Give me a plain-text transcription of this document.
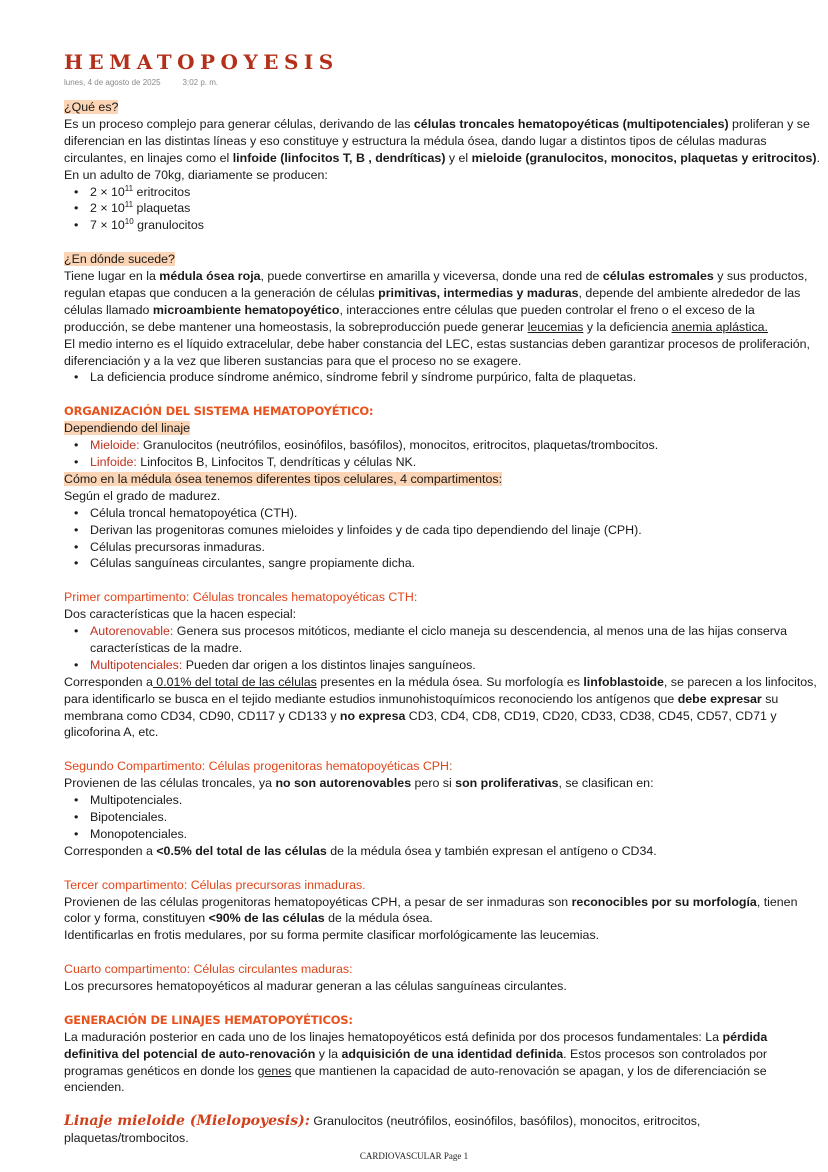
HEMATOPOYESIS
lunes, 4 de agosto de 2025	3:02 p. m.
¿Qué es?
Es un proceso complejo para generar células, derivando de las células troncales hematopoyéticas (multipotenciales) proliferan y se diferencian en las distintas líneas y eso constituye y estructura la médula ósea, dando lugar a distintos tipos de células maduras circulantes, en linajes como el linfoide (linfocitos T, B , dendríticas) y el mieloide (granulocitos, monocitos, plaquetas y eritrocitos).
En un adulto de 70kg, diariamente se producen:
• $2 \times 10^{11}$ eritrocitos
• $2 \times 10^{11}$ plaquetas
• $7 \times 10^{10}$ granulocitos
¿En dónde sucede?
Tiene lugar en la médula ósea roja, puede convertirse en amarilla y viceversa, donde una red de células estromales y sus productos, regulan etapas que conducen a la generación de células primitivas, intermedias y maduras, depende del ambiente alrededor de las células llamado microambiente hematopoyético, interacciones entre células que pueden controlar el freno o el exceso de la producción, se debe mantener una homeostasis, la sobreproducción puede generar leucemias y la deficiencia anemia aplástica.
El medio interno es el líquido extracelular, debe haber constancia del LEC, estas sustancias deben garantizar procesos de proliferación, diferenciación y a la vez que liberen sustancias para que el proceso no se exagere.
• La deficiencia produce síndrome anémico, síndrome febril y síndrome purpúrico, falta de plaquetas.
ORGANIZACIÓN DEL SISTEMA HEMATOPOYÉTICO:
Dependiendo del linaje
• Mieloide: Granulocitos (neutrófilos, eosinófilos, basófilos), monocitos, eritrocitos, plaquetas/trombocitos.
• Linfoide: Linfocitos B, Linfocitos T, dendríticas y células NK.
Cómo en la médula ósea tenemos diferentes tipos celulares, 4 compartimentos:
Según el grado de madurez.
• Célula troncal hematopoyética (CTH).
• Derivan las progenitoras comunes mieloides y linfoides y de cada tipo dependiendo del linaje (CPH).
• Células precursoras inmaduras.
• Células sanguíneas circulantes, sangre propiamente dicha.
Primer compartimento: Células troncales hematopoyéticas CTH:
Dos características que la hacen especial:
• Autorenovable: Genera sus procesos mitóticos, mediante el ciclo maneja su descendencia, al menos una de las hijas conserva características de la madre.
• Multipotenciales: Pueden dar origen a los distintos linajes sanguíneos.
Corresponden a 0.01% del total de las células presentes en la médula ósea. Su morfología es linfoblastoide, se parecen a los linfocitos, para identificarlo se busca en el tejido mediante estudios inmunohistoquímicos reconociendo los antígenos que debe expresar su membrana como CD34, CD90, CD117 y CD133 y no expresa CD3, CD4, CD8, CD19, CD20, CD33, CD38, CD45, CD57, CD71 y glicoforina A, etc.
Segundo Compartimento: Células progenitoras hematopoyéticas CPH:
Provienen de las células troncales, ya no son autorenovables pero si son proliferativas, se clasifican en:
• Multipotenciales.
• Bipotenciales.
• Monopotenciales.
Corresponden a <0.5% del total de las células de la médula ósea y también expresan el antígeno o CD34.
Tercer compartimento: Células precursoras inmaduras.
Provienen de las células progenitoras hematopoyéticas CPH, a pesar de ser inmaduras son reconocibles por su morfología, tienen color y forma, constituyen <90% de las células de la médula ósea.
Identificarlas en frotis medulares, por su forma permite clasificar morfológicamente las leucemias.
Cuarto compartimento: Células circulantes maduras:
Los precursores hematopoyéticos al madurar generan a las células sanguíneas circulantes.
GENERACIÓN DE LINAJES HEMATOPOYÉTICOS:
La maduración posterior en cada uno de los linajes hematopoyéticos está definida por dos procesos fundamentales: La pérdida definitiva del potencial de auto-renovación y la adquisición de una identidad definida. Estos procesos son controlados por programas genéticos en donde los genes que mantienen la capacidad de auto-renovación se apagan, y los de diferenciación se encienden.
Linaje mieloide (Mielopoyesis): Granulocitos (neutrófilos, eosinófilos, basófilos), monocitos, eritrocitos, plaquetas/trombocitos.
CARDIOVASCULAR Page 1
